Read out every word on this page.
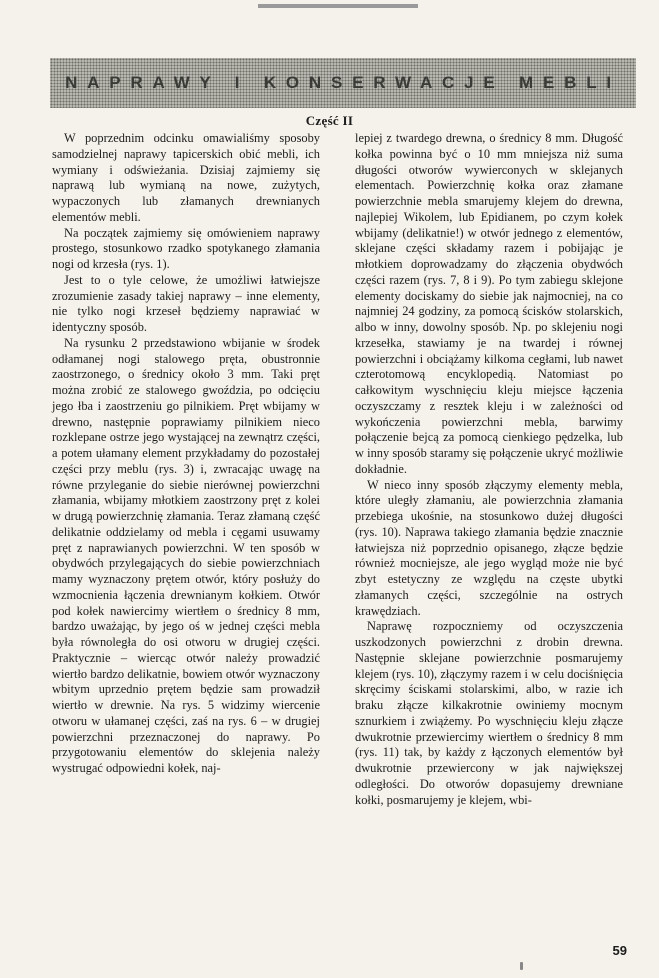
NAPRAWY I KONSERWACJE MEBLI
Część II

W poprzednim odcinku omawialiśmy sposoby samodzielnej naprawy tapicerskich obić mebli, ich wymiany i odświeżania. Dzisiaj zajmiemy się naprawą lub wymianą na nowe, zużytych, wypaczonych lub złamanych drewnianych elementów mebli.

Na początek zajmiemy się omówieniem naprawy prostego, stosunkowo rzadko spotykanego złamania nogi od krzesła (rys. 1).

Jest to o tyle celowe, że umożliwi łatwiejsze zrozumienie zasady takiej naprawy – inne elementy, nie tylko nogi krzeseł będziemy naprawiać w identyczny sposób.

Na rysunku 2 przedstawiono wbijanie w środek odłamanej nogi stalowego pręta, obustronnie zaostrzonego, o średnicy około 3 mm. Taki pręt można zrobić ze stalowego gwoździa, po odcięciu jego łba i zaostrzeniu go pilnikiem. Pręt wbijamy w drewno, następnie poprawiamy pilnikiem nieco rozklepane ostrze jego wystającej na zewnątrz części, a potem ułamany element przykładamy do pozostałej części przy meblu (rys. 3) i, zwracając uwagę na równe przyleganie do siebie nierównej powierzchni złamania, wbijamy młotkiem zaostrzony pręt z kolei w drugą powierzchnię złamania. Teraz złamaną część delikatnie oddzielamy od mebla i cęgami usuwamy pręt z naprawianych powierzchni. W ten sposób w obydwóch przylegających do siebie powierzchniach mamy wyznaczony prętem otwór, który posłuży do wzmocnienia łączenia drewnianym kołkiem. Otwór pod kołek nawiercimy wiertłem o średnicy 8 mm, bardzo uważając, by jego oś w jednej części mebla była równoległa do osi otworu w drugiej części. Praktycznie – wiercąc otwór należy prowadzić wiertło bardzo delikatnie, bowiem otwór wyznaczony wbitym uprzednio prętem będzie sam prowadził wiertło w drewnie. Na rys. 5 widzimy wiercenie otworu w ułamanej części, zaś na rys. 6 – w drugiej powierzchni przeznaczonej do naprawy. Po przygotowaniu elementów do sklejenia należy wystrugać odpowiedni kołek, naj-

lepiej z twardego drewna, o średnicy 8 mm. Długość kołka powinna być o 10 mm mniejsza niż suma długości otworów wywierconych w sklejanych elementach. Powierzchnię kołka oraz złamane powierzchnie mebla smarujemy klejem do drewna, najlepiej Wikolem, lub Epidianem, po czym kołek wbijamy (delikatnie!) w otwór jednego z elementów, sklejane części składamy razem i pobijając je młotkiem doprowadzamy do złączenia obydwóch części razem (rys. 7, 8 i 9). Po tym zabiegu sklejone elementy dociskamy do siebie jak najmocniej, na co najmniej 24 godziny, za pomocą ścisków stolarskich, albo w inny, dowolny sposób. Np. po sklejeniu nogi krzesełka, stawiamy je na twardej i równej powierzchni i obciążamy kilkoma cegłami, lub nawet czterotomową encyklopedią. Natomiast po całkowitym wyschnięciu kleju miejsce łączenia oczyszczamy z resztek kleju i w zależności od wykończenia powierzchni mebla, barwimy połączenie bejcą za pomocą cienkiego pędzelka, lub w inny sposób staramy się połączenie ukryć możliwie dokładnie.

W nieco inny sposób złączymy elementy mebla, które uległy złamaniu, ale powierzchnia złamania przebiega ukośnie, na stosunkowo dużej długości (rys. 10). Naprawa takiego złamania będzie znacznie łatwiejsza niż poprzednio opisanego, złącze będzie również mocniejsze, ale jego wygląd może nie być zbyt estetyczny ze względu na częste ubytki złamanych części, szczególnie na ostrych krawędziach.

Naprawę rozpoczniemy od oczyszczenia uszkodzonych powierzchni z drobin drewna. Następnie sklejane powierzchnie posmarujemy klejem (rys. 10), złączymy razem i w celu dociśnięcia skręcimy ściskami stolarskimi, albo, w razie ich braku złącze kilkakrotnie owiniemy mocnym sznurkiem i zwiążemy. Po wyschnięciu kleju złącze dwukrotnie przewiercimy wiertłem o średnicy 8 mm (rys. 11) tak, by każdy z łączonych elementów był dwukrotnie przewiercony w jak największej odległości. Do otworów dopasujemy drewniane kołki, posmarujemy je klejem, wbi-

59
